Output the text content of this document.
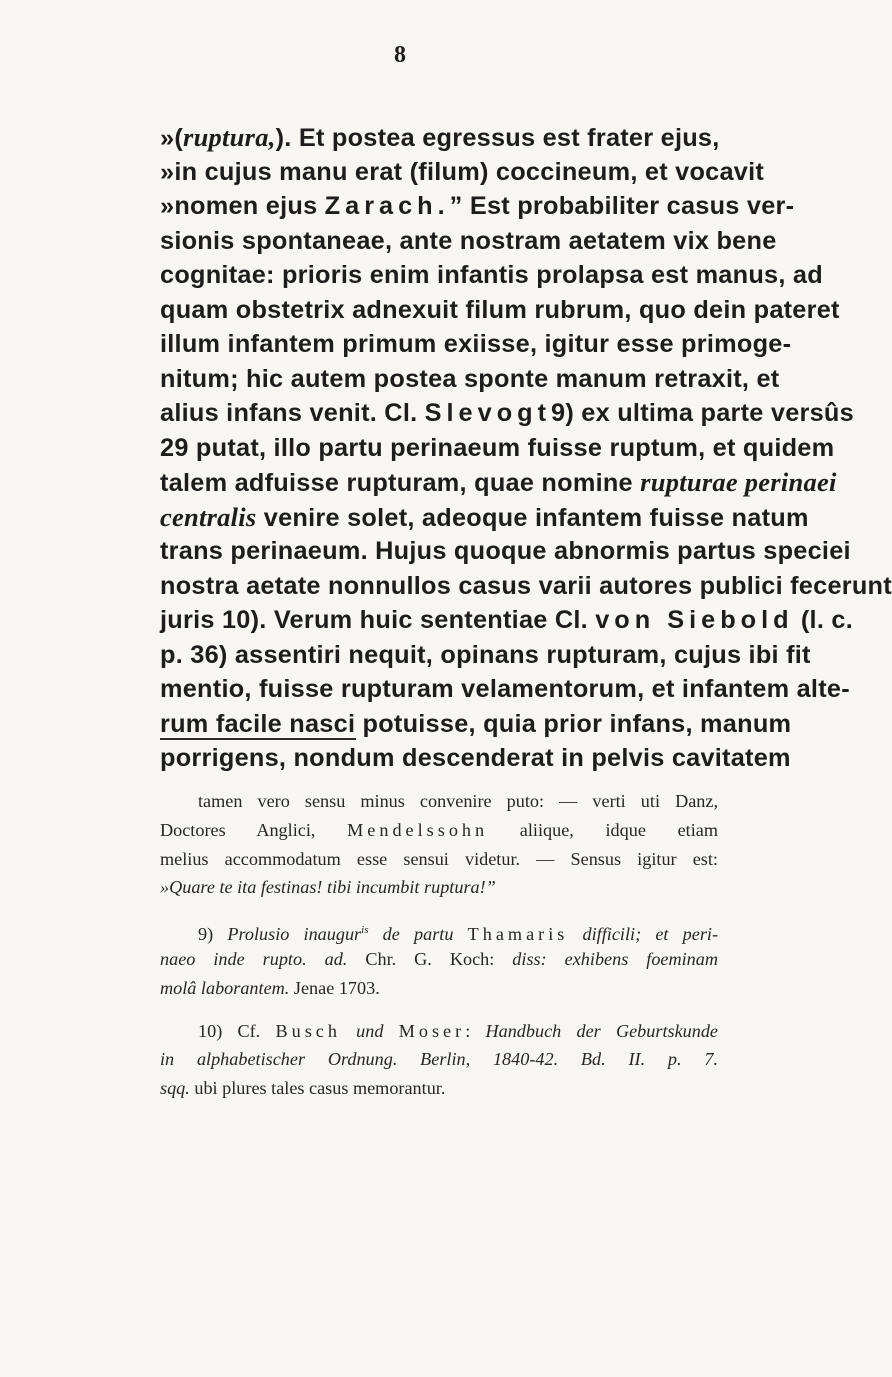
8
»(ruptura,). Et postea egressus est frater ejus,
»in cujus manu erat (filum) coccineum, et vocavit
»nomen ejus Zarach.” Est probabiliter casus ver-
sionis spontaneae, ante nostram aetatem vix bene
cognitae: prioris enim infantis prolapsa est manus, ad
quam obstetrix adnexuit filum rubrum, quo dein pateret
illum infantem primum exiisse, igitur esse primoge-
nitum; hic autem postea sponte manum retraxit, et
alius infans venit. Cl. Slevogt9) ex ultima parte versûs
29 putat, illo partu perinaeum fuisse ruptum, et quidem
talem adfuisse rupturam, quae nomine rupturae perinaei
centralis venire solet, adeoque infantem fuisse natum
trans perinaeum. Hujus quoque abnormis partus speciei
nostra aetate nonnullos casus varii autores publici fecerunt
juris 10). Verum huic sententiae Cl. von Siebold (l. c.
p. 36) assentiri nequit, opinans rupturam, cujus ibi fit
mentio, fuisse rupturam velamentorum, et infantem alte-
rum facile nasci potuisse, quia prior infans, manum
porrigens, nondum descenderat in pelvis cavitatem
tamen vero sensu minus convenire puto: — verti uti Danz,
Doctores Anglici, Mendelssohn aliique, idque etiam
melius accommodatum esse sensui videtur. — Sensus igitur est:
»Quare te ita festinas! tibi incumbit ruptura!”
9) Prolusio inaugur$^{is}$ de partu Thamaris difficili; et peri-
naeo inde rupto. ad. Chr. G. Koch: diss: exhibens foeminam
molâ laborantem. Jenae 1703.
10) Cf. Busch und Moser: Handbuch der Geburtskunde
in alphabetischer Ordnung. Berlin, 1840-42. Bd. II. p. 7.
sqq. ubi plures tales casus memorantur.
